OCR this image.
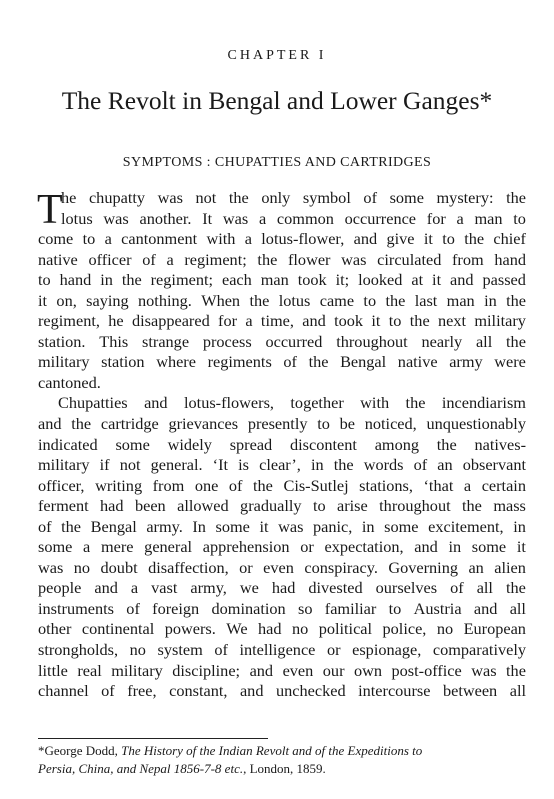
CHAPTER I
The Revolt in Bengal and Lower Ganges*
SYMPTOMS : CHUPATTIES AND CARTRIDGES
T
he chupatty was not the only symbol of some mystery: the
lotus was another. It was a common occurrence for a man to
come to a cantonment with a lotus-flower, and give it to the chief
native officer of a regiment; the flower was circulated from hand
to hand in the regiment; each man took it; looked at it and passed
it on, saying nothing. When the lotus came to the last man in the
regiment, he disappeared for a time, and took it to the next military
station. This strange process occurred throughout nearly all the
military station where regiments of the Bengal native army were
cantoned.
Chupatties and lotus-flowers, together with the incendiarism
and the cartridge grievances presently to be noticed, unquestionably
indicated some widely spread discontent among the natives-
military if not general. ‘It is clear’, in the words of an observant
officer, writing from one of the Cis-Sutlej stations, ‘that a certain
ferment had been allowed gradually to arise throughout the mass
of the Bengal army. In some it was panic, in some excitement, in
some a mere general apprehension or expectation, and in some it
was no doubt disaffection, or even conspiracy. Governing an alien
people and a vast army, we had divested ourselves of all the
instruments of foreign domination so familiar to Austria and all
other continental powers. We had no political police, no European
strongholds, no system of intelligence or espionage, comparatively
little real military discipline; and even our own post-office was the
channel of free, constant, and unchecked intercourse between all
*George Dodd, The History of the Indian Revolt and of the Expeditions to
Persia, China, and Nepal 1856-7-8 etc., London, 1859.
